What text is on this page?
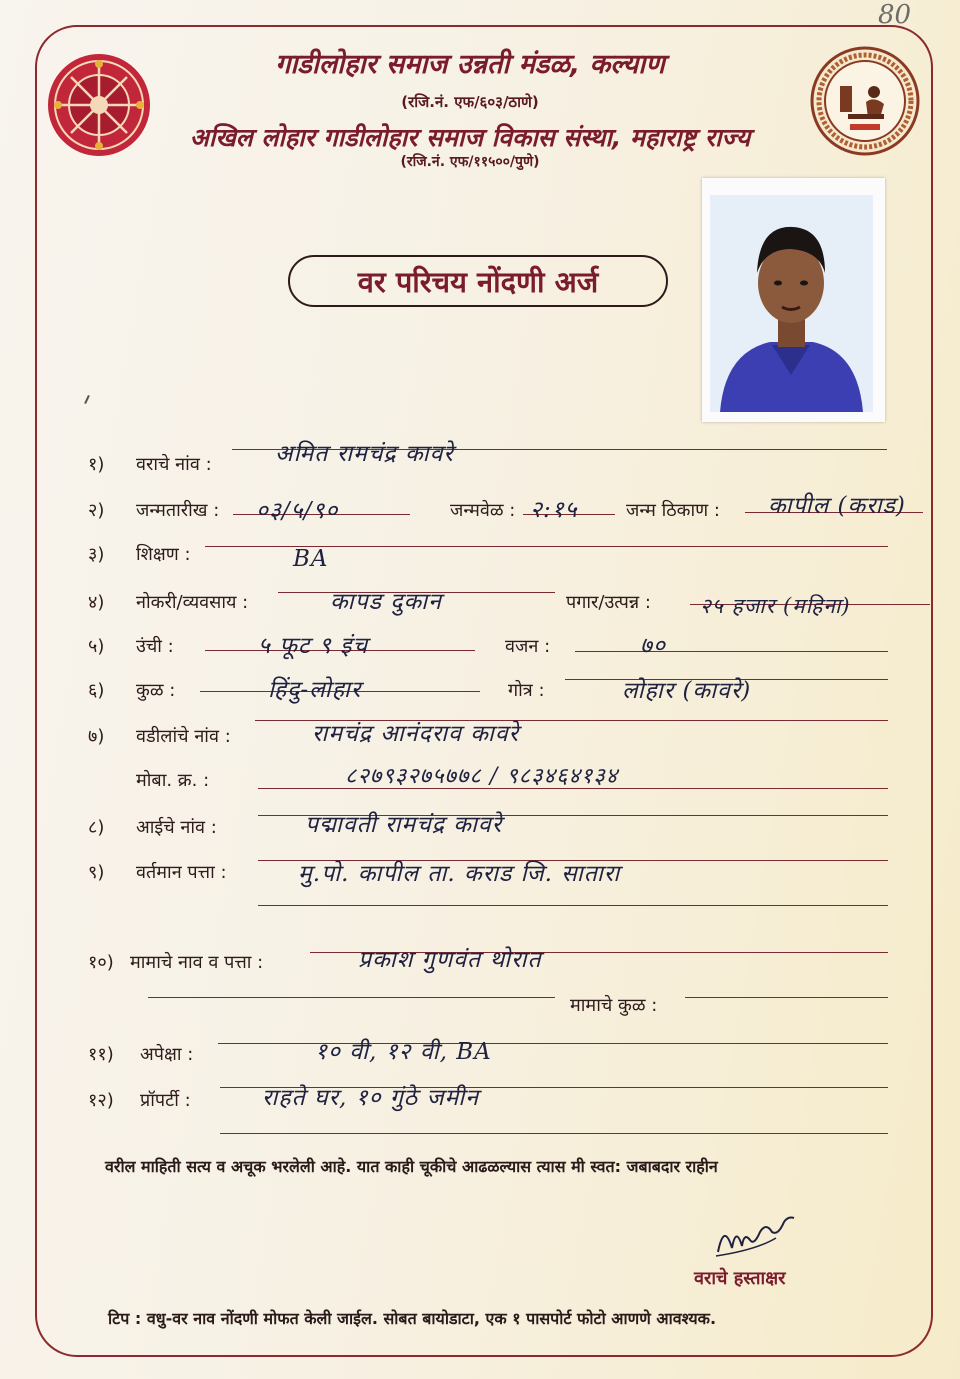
80
गाडीलोहार समाज उन्नती मंडळ, कल्याण
(रजि.नं. एफ/६०३/ठाणे)
अखिल लोहार गाडीलोहार समाज विकास संस्था, महाराष्ट्र राज्य
(रजि.नं. एफ/११५००/पुणे)
वर परिचय नोंदणी अर्ज
१) वराचे नांव :	अमित रामचंद्र कावरे
२) जन्मतारीख : ०३/५/९०	जन्मवेळ : २:१५	जन्म ठिकाण : कापील (कराड)
३) शिक्षण :	BA
४) नोकरी/व्यवसाय :	कापड दुकान	पगार/उत्पन्न : २५ हजार (महिना)
५) उंची :	५ फूट ९ इंच	वजन :	७०
६) कुळ :	हिंदु-लोहार	गोत्र :	लोहार (कावरे)
७) वडीलांचे नांव :	रामचंद्र आनंदराव कावरे
मोबा. क्र. :	८२७९३२७५७७८ / ९८३४६४१३४
८) आईचे नांव :	पद्मावती रामचंद्र कावरे
९) वर्तमान पत्ता :	मु.पो. कापील ता. कराड जि. सातारा
१०) मामाचे नाव व पत्ता :	प्रकाश गुणवंत थोरात
मामाचे कुळ :
११) अपेक्षा :	१० वी, १२ वी, BA
१२) प्रॉपर्टी :	राहते घर, १० गुंठे जमीन
वरील माहिती सत्य व अचूक भरलेली आहे. यात काही चूकीचे आढळल्यास त्यास मी स्वत: जबाबदार राहीन
वराचे हस्ताक्षर
टिप : वधु-वर नाव नोंदणी मोफत केली जाईल. सोबत बायोडाटा, एक १ पासपोर्ट फोटो आणणे आवश्यक.
